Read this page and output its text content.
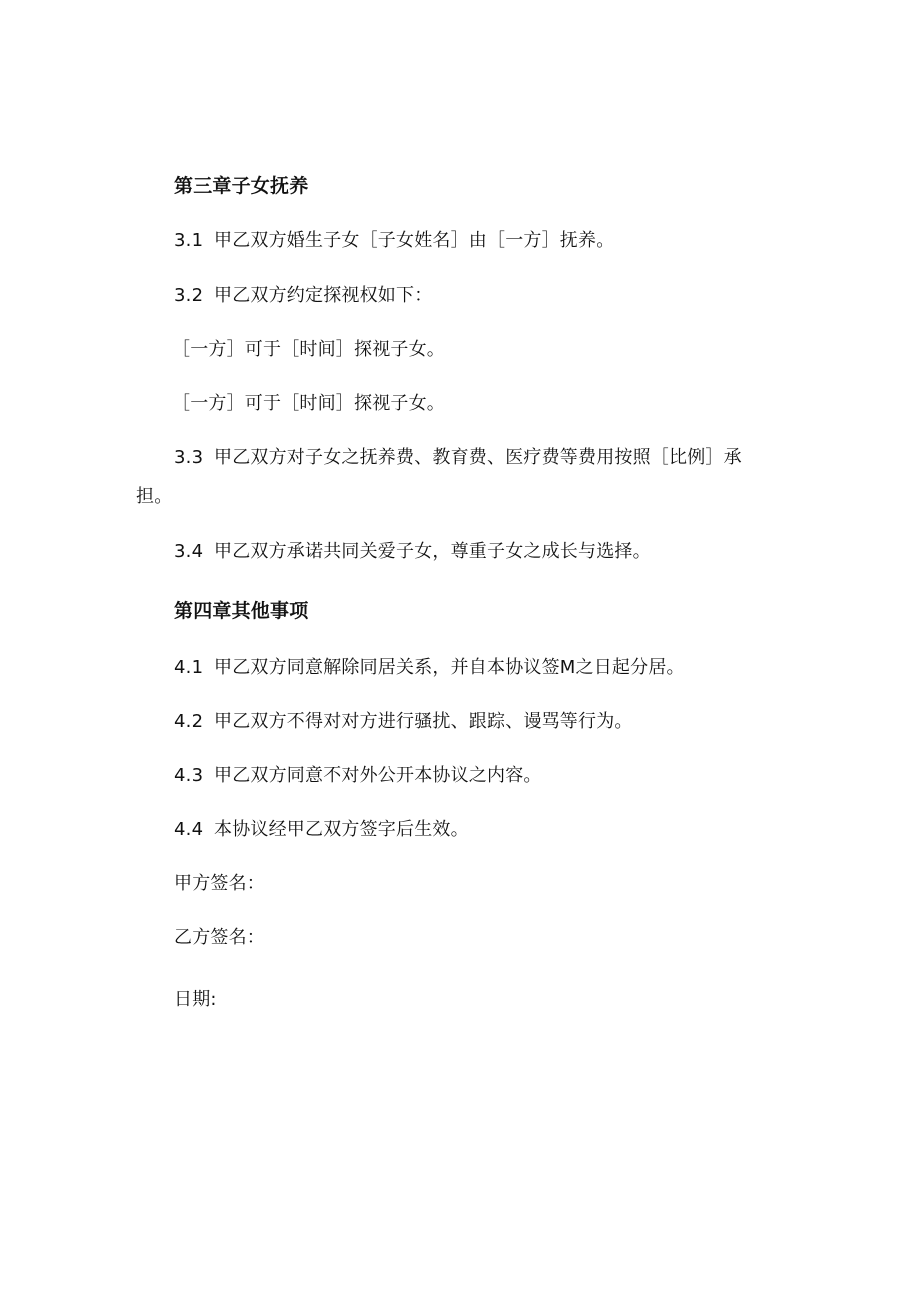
第三章子女抚养
3.1 甲乙双方婚生子女［子女姓名］由［一方］抚养。
3.2 甲乙双方约定探视权如下：
［一方］可于［时间］探视子女。
［一方］可于［时间］探视子女。
3.3 甲乙双方对子女之抚养费、教育费、医疗费等费用按照［比例］承
担。
3.4 甲乙双方承诺共同关爱子女，尊重子女之成长与选择。
第四章其他事项
4.1 甲乙双方同意解除同居关系，并自本协议签M之日起分居。
4.2 甲乙双方不得对对方进行骚扰、跟踪、谩骂等行为。
4.3 甲乙双方同意不对外公开本协议之内容。
4.4 本协议经甲乙双方签字后生效。
甲方签名：
乙方签名：
日期:
